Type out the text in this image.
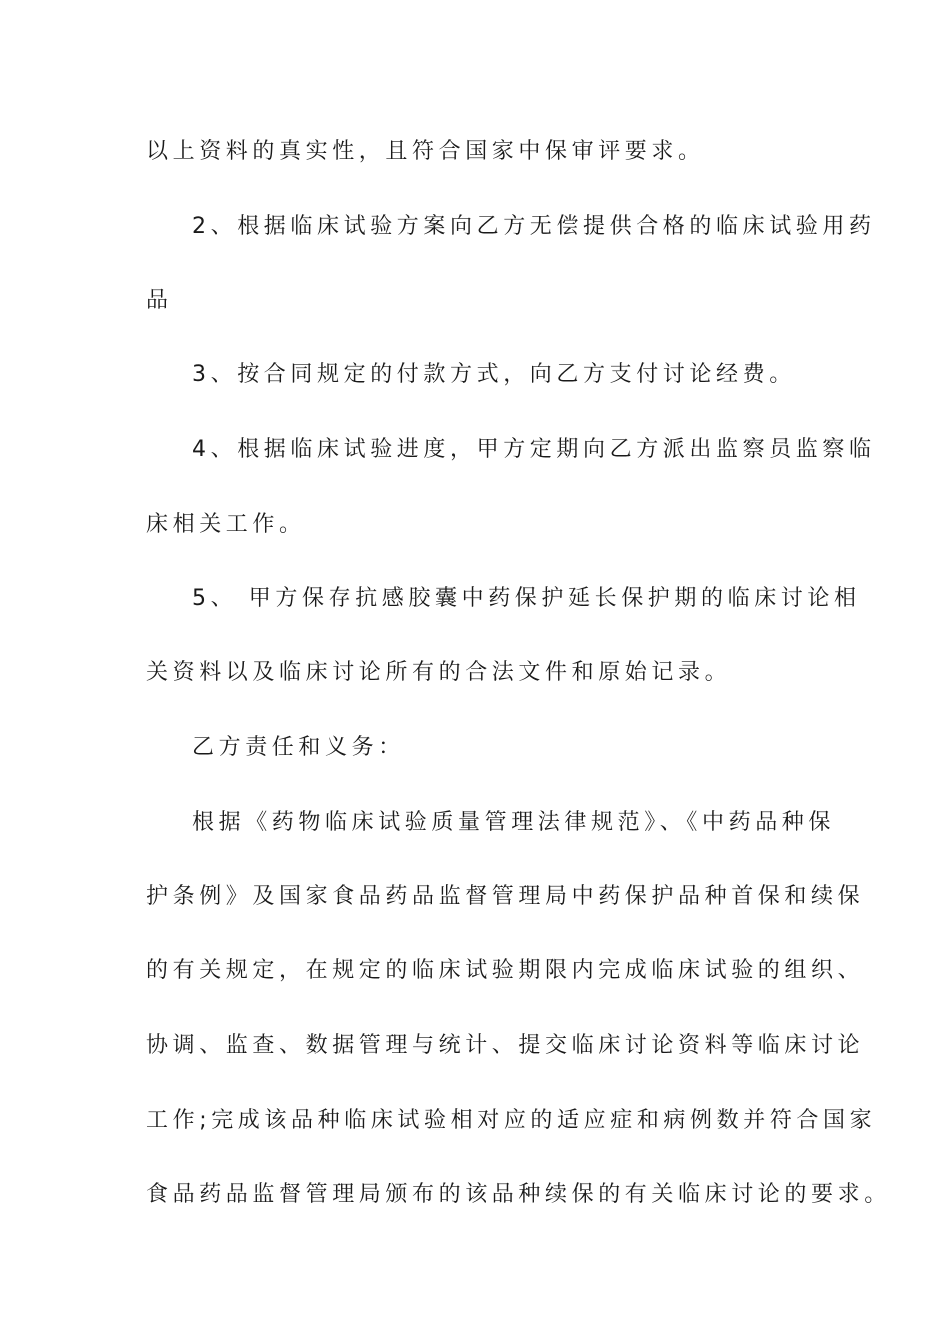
以上资料的真实性，且符合国家中保审评要求。
2、根据临床试验方案向乙方无偿提供合格的临床试验用药
品
3、按合同规定的付款方式，向乙方支付讨论经费。
4、根据临床试验进度，甲方定期向乙方派出监察员监察临
床相关工作。
5、 甲方保存抗感胶囊中药保护延长保护期的临床讨论相
关资料以及临床讨论所有的合法文件和原始记录。
乙方责任和义务：
根据《药物临床试验质量管理法律规范》、《中药品种保
护条例》及国家食品药品监督管理局中药保护品种首保和续保
的有关规定，在规定的临床试验期限内完成临床试验的组织、
协调、监查、数据管理与统计、提交临床讨论资料等临床讨论
工作;完成该品种临床试验相对应的适应症和病例数并符合国家
食品药品监督管理局颁布的该品种续保的有关临床讨论的要求。
